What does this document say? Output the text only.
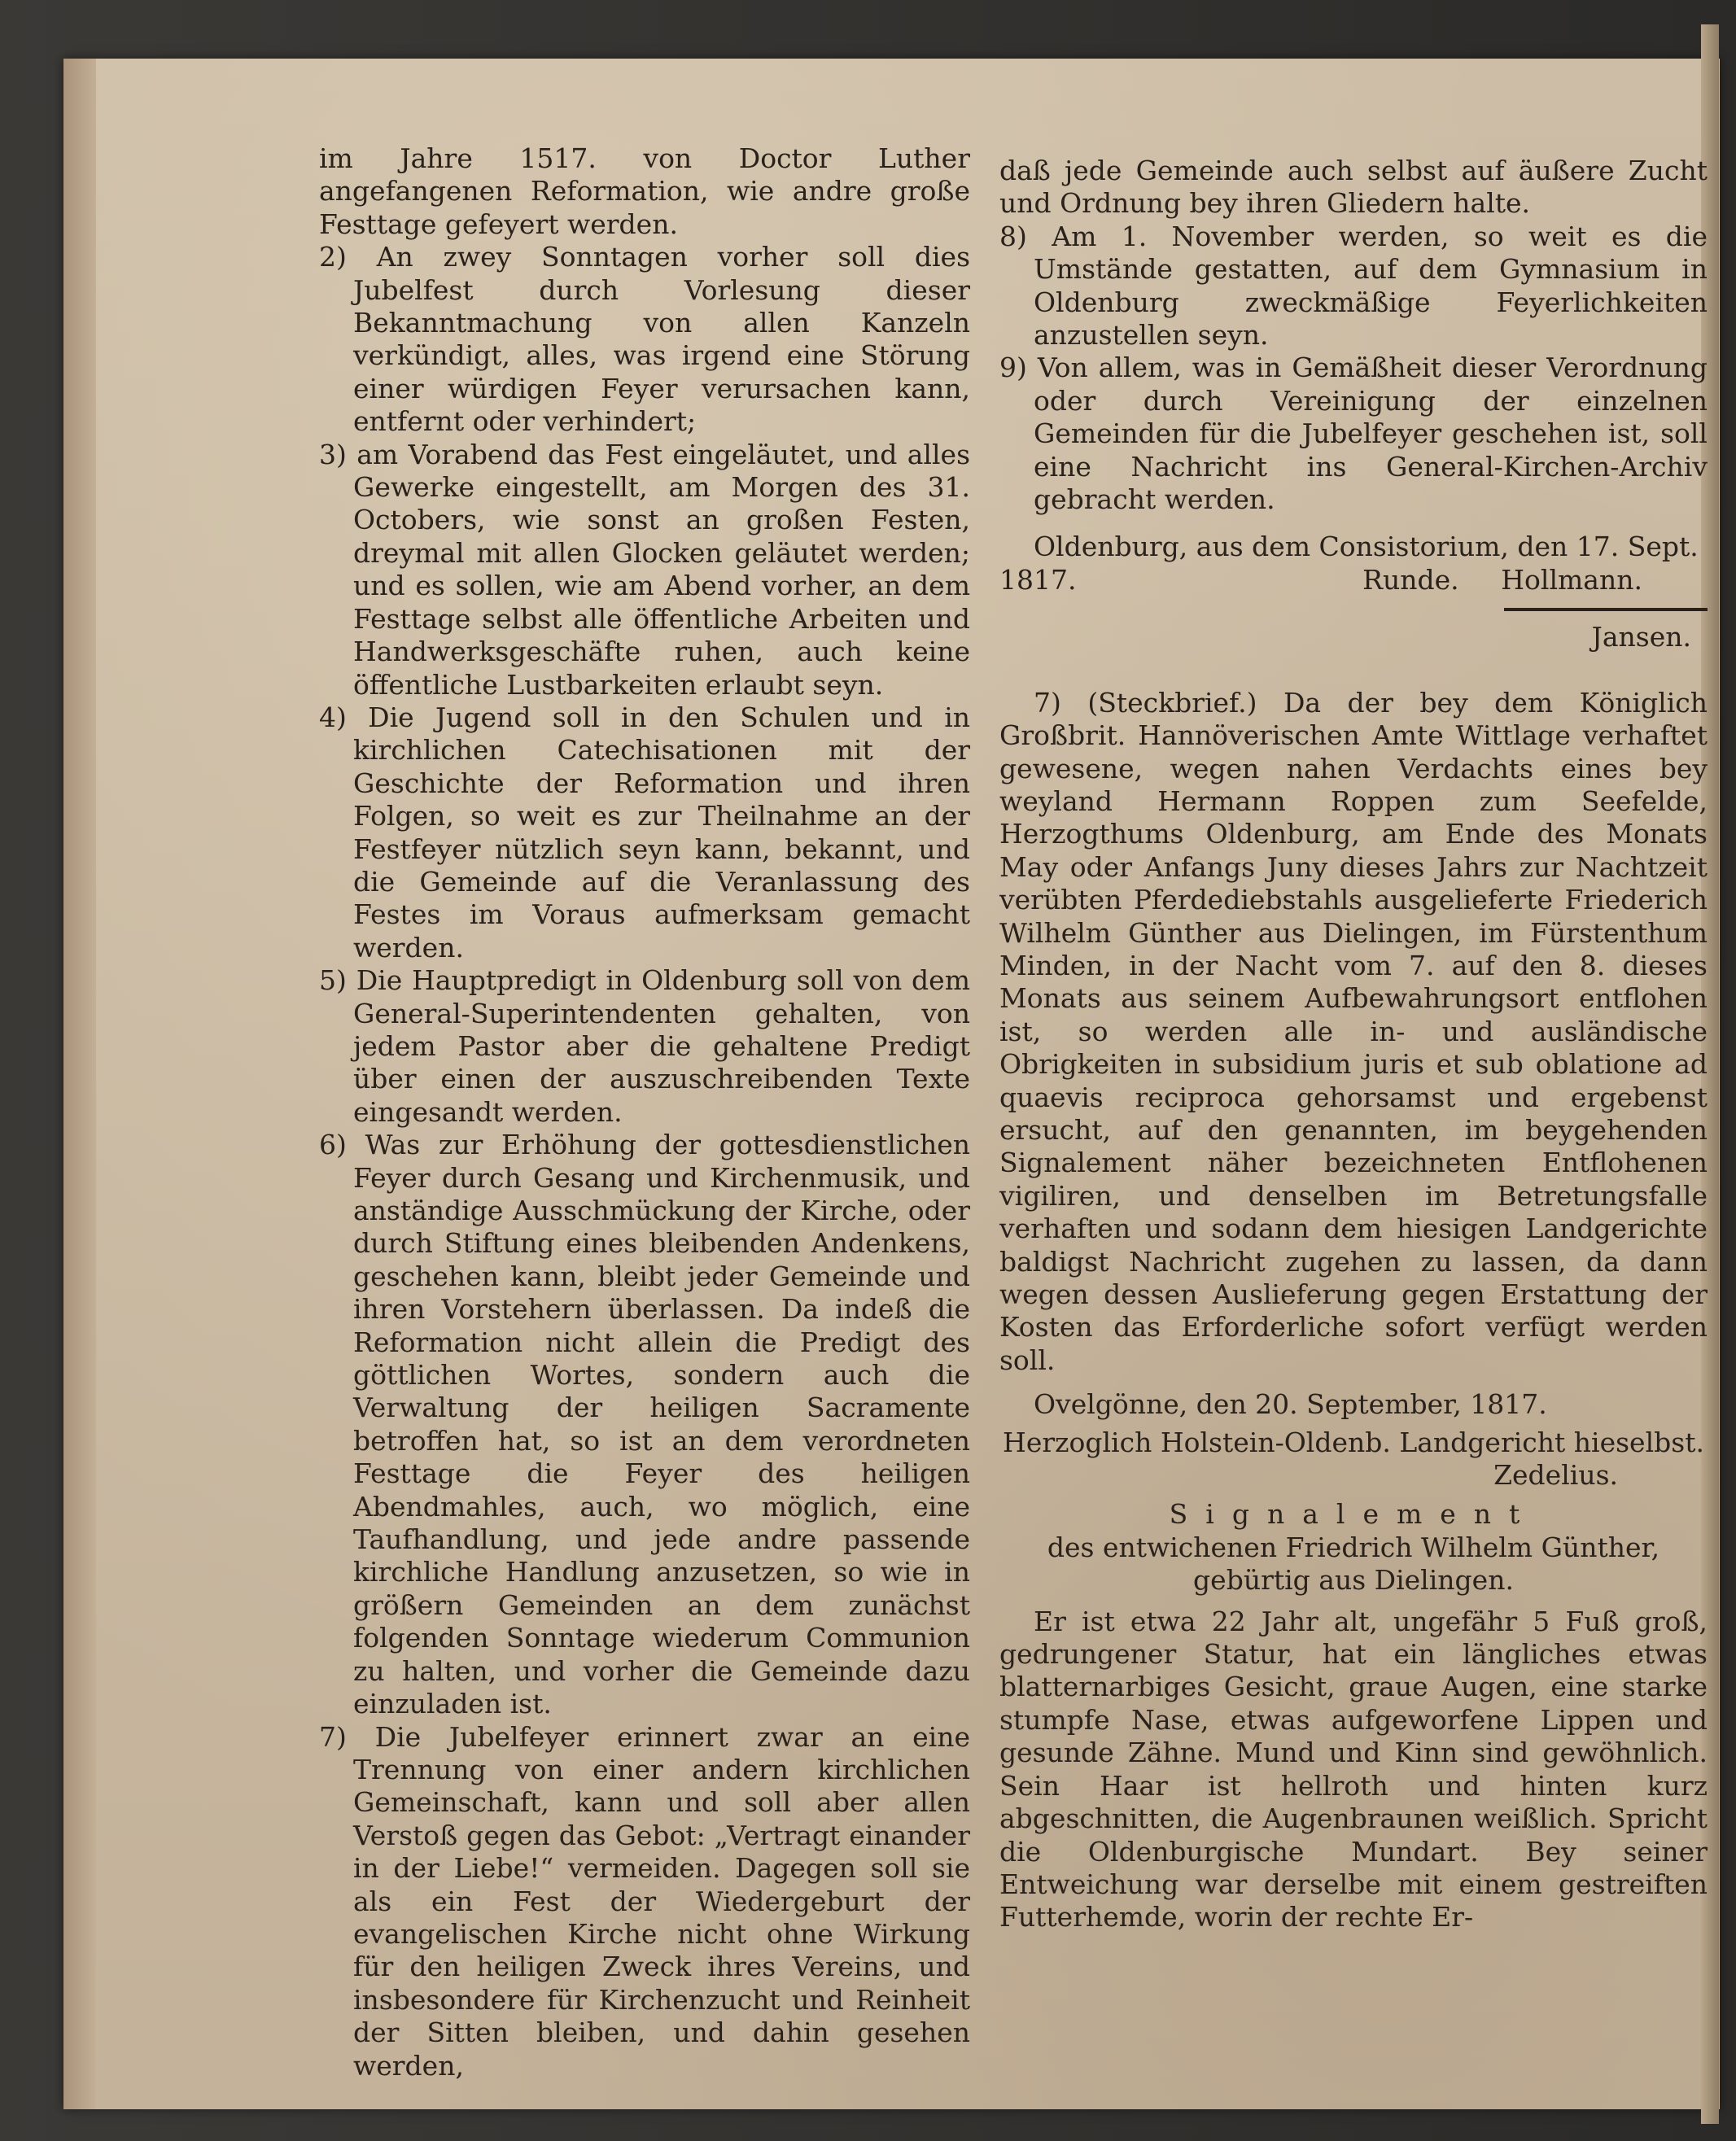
im Jahre 1517. von Doctor Luther angefangenen Reformation, wie andre große Festtage gefeyert werden.

2) An zwey Sonntagen vorher soll dies Jubelfest durch Vorlesung dieser Bekanntmachung von allen Kanzeln verkündigt, alles, was irgend eine Störung einer würdigen Feyer verursachen kann, entfernt oder verhindert;

3) am Vorabend das Fest eingeläutet, und alles Gewerke eingestellt, am Morgen des 31. Octobers, wie sonst an großen Festen, dreymal mit allen Glocken geläutet werden; und es sollen, wie am Abend vorher, an dem Festtage selbst alle öffentliche Arbeiten und Handwerksgeschäfte ruhen, auch keine öffentliche Lustbarkeiten erlaubt seyn.

4) Die Jugend soll in den Schulen und in kirchlichen Catechisationen mit der Geschichte der Reformation und ihren Folgen, so weit es zur Theilnahme an der Festfeyer nützlich seyn kann, bekannt, und die Gemeinde auf die Veranlassung des Festes im Voraus aufmerksam gemacht werden.

5) Die Hauptpredigt in Oldenburg soll von dem General-Superintendenten gehalten, von jedem Pastor aber die gehaltene Predigt über einen der auszuschreibenden Texte eingesandt werden.

6) Was zur Erhöhung der gottesdienstlichen Feyer durch Gesang und Kirchenmusik, und anständige Ausschmückung der Kirche, oder durch Stiftung eines bleibenden Andenkens, geschehen kann, bleibt jeder Gemeinde und ihren Vorstehern überlassen. Da indeß die Reformation nicht allein die Predigt des göttlichen Wortes, sondern auch die Verwaltung der heiligen Sacramente betroffen hat, so ist an dem verordneten Festtage die Feyer des heiligen Abendmahles, auch, wo möglich, eine Taufhandlung, und jede andre passende kirchliche Handlung anzusetzen, so wie in größern Gemeinden an dem zunächst folgenden Sonntage wiederum Communion zu halten, und vorher die Gemeinde dazu einzuladen ist.

7) Die Jubelfeyer erinnert zwar an eine Trennung von einer andern kirchlichen Gemeinschaft, kann und soll aber allen Verstoß gegen das Gebot: „Vertragt einander in der Liebe!“ vermeiden. Dagegen soll sie als ein Fest der Wiedergeburt der evangelischen Kirche nicht ohne Wirkung für den heiligen Zweck ihres Vereins, und insbesondere für Kirchenzucht und Reinheit der Sitten bleiben, und dahin gesehen werden,

daß jede Gemeinde auch selbst auf äußere Zucht und Ordnung bey ihren Gliedern halte.

8) Am 1. November werden, so weit es die Umstände gestatten, auf dem Gymnasium in Oldenburg zweckmäßige Feyerlichkeiten anzustellen seyn.

9) Von allem, was in Gemäßheit dieser Verordnung oder durch Vereinigung der einzelnen Gemeinden für die Jubelfeyer geschehen ist, soll eine Nachricht ins General-Kirchen-Archiv gebracht werden.

Oldenburg, aus dem Consistorium, den 17. Sept.

1817.	Runde. Hollmann.

Jansen.

7) (Steckbrief.) Da der bey dem Königlich Großbrit. Hannöverischen Amte Wittlage verhaftet gewesene, wegen nahen Verdachts eines bey weyland Hermann Roppen zum Seefelde, Herzogthums Oldenburg, am Ende des Monats May oder Anfangs Juny dieses Jahrs zur Nachtzeit verübten Pferdediebstahls ausgelieferte Friederich Wilhelm Günther aus Dielingen, im Fürstenthum Minden, in der Nacht vom 7. auf den 8. dieses Monats aus seinem Aufbewahrungsort entflohen ist, so werden alle in- und ausländische Obrigkeiten in subsidium juris et sub oblatione ad quaevis reciproca gehorsamst und ergebenst ersucht, auf den genannten, im beygehenden Signalement näher bezeichneten Entflohenen vigiliren, und denselben im Betretungsfalle verhaften und sodann dem hiesigen Landgerichte baldigst Nachricht zugehen zu lassen, da dann wegen dessen Auslieferung gegen Erstattung der Kosten das Erforderliche sofort verfügt werden soll.

Ovelgönne, den 20. September, 1817.

Herzoglich Holstein-Oldenb. Landgericht hieselbst.

Zedelius.

Signalement

des entwichenen Friedrich Wilhelm Günther, gebürtig aus Dielingen.

Er ist etwa 22 Jahr alt, ungefähr 5 Fuß groß, gedrungener Statur, hat ein längliches etwas blatternarbiges Gesicht, graue Augen, eine starke stumpfe Nase, etwas aufgeworfene Lippen und gesunde Zähne. Mund und Kinn sind gewöhnlich. Sein Haar ist hellroth und hinten kurz abgeschnitten, die Augenbraunen weißlich. Spricht die Oldenburgische Mundart. Bey seiner Entweichung war derselbe mit einem gestreiften Futterhemde, worin der rechte Er-
